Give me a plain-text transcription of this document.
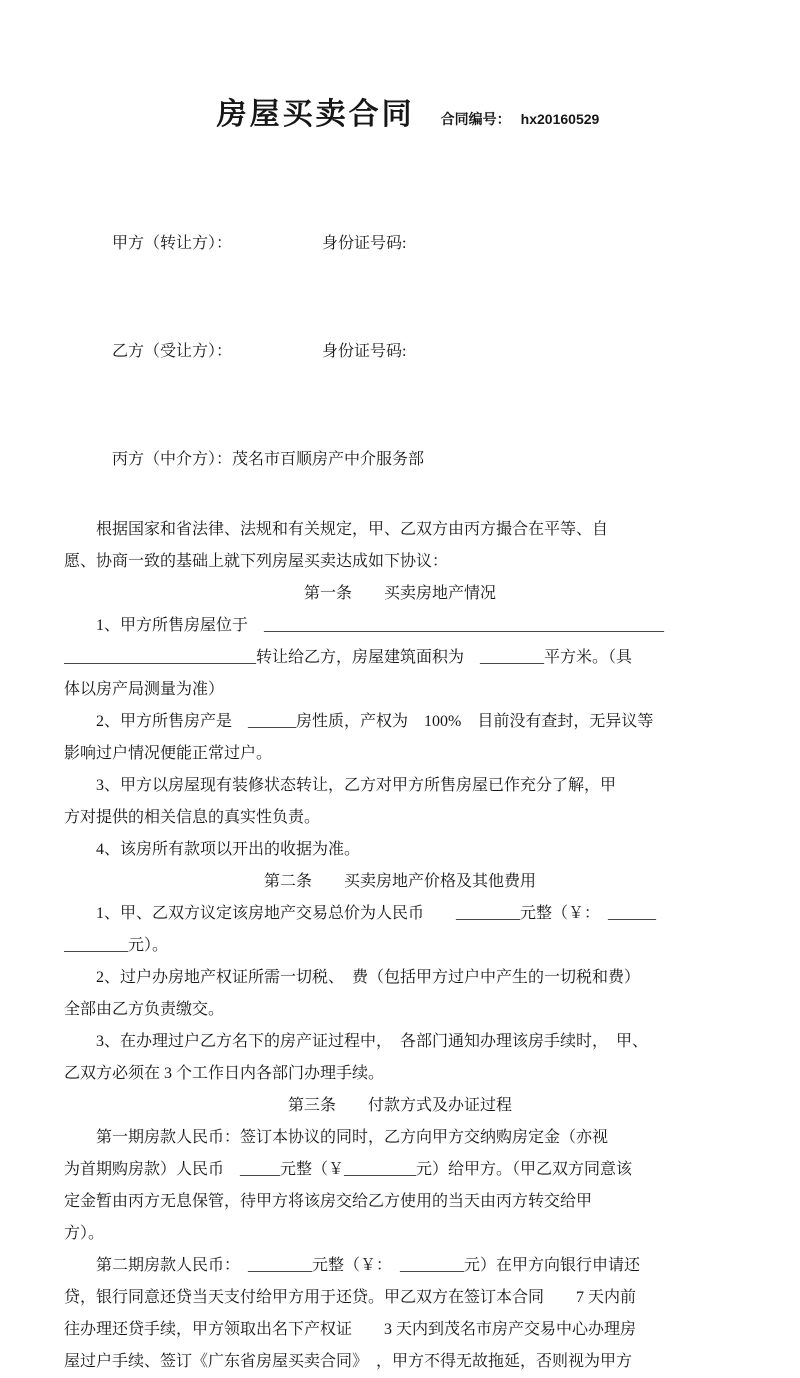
房屋买卖合同 合同编号： hx20160529

甲方（转让方）：	身份证号码:

乙方（受让方）：	身份证号码:

丙方（中介方）：茂名市百顺房产中介服务部

根据国家和省法律、法规和有关规定，甲、乙双方由丙方撮合在平等、自
愿、协商一致的基础上就下列房屋买卖达成如下协议：
第一条　　买卖房地产情况
1、甲方所售房屋位于　__________________________________________________
________________________转让给乙方，房屋建筑面积为　________平方米。（具
体以房产局测量为准）
2、甲方所售房产是　______房性质，产权为　100%　目前没有查封，无异议等
影响过户情况便能正常过户。
3、甲方以房屋现有装修状态转让，乙方对甲方所售房屋已作充分了解，甲
方对提供的相关信息的真实性负责。
4、该房所有款项以开出的收据为准。
第二条　　买卖房地产价格及其他费用
1、甲、乙双方议定该房地产交易总价为人民币　　________元整（￥：　______
________元）。
2、过户办房地产权证所需一切税、　费（包括甲方过户中产生的一切税和费）
全部由乙方负责缴交。
3、在办理过户乙方名下的房产证过程中，　各部门通知办理该房手续时，　甲、
乙双方必须在 3 个工作日内各部门办理手续。
第三条　　付款方式及办证过程
第一期房款人民币：签订本协议的同时，乙方向甲方交纳购房定金（亦视
为首期购房款）人民币　_____元整（￥_________元）给甲方。（甲乙双方同意该
定金暂由丙方无息保管，待甲方将该房交给乙方使用的当天由丙方转交给甲
方）。
第二期房款人民币：　________元整（￥：　________元）在甲方向银行申请还
贷，银行同意还贷当天支付给甲方用于还贷。甲乙双方在签订本合同　　7 天内前
往办理还贷手续，甲方领取出名下产权证　　3 天内到茂名市房产交易中心办理房
屋过户手续、签订《广东省房屋买卖合同》　，甲方不得无故拖延，否则视为甲方
